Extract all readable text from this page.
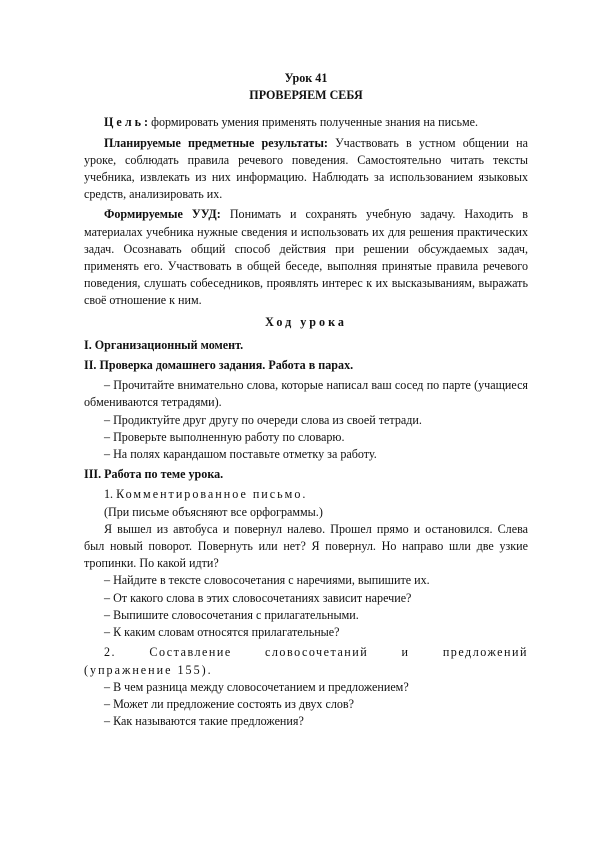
Урок 41

ПРОВЕРЯЕМ СЕБЯ

Ц е л ь : формировать умения применять полученные знания на письме.

Планируемые предметные результаты: Участвовать в устном общении на уроке, соблюдать правила речевого поведения. Самостоятельно читать тексты учебника, извлекать из них информацию. Наблюдать за использованием языковых средств, анализировать их.

Формируемые УУД: Понимать и сохранять учебную задачу. Находить в материалах учебника нужные сведения и использовать их для решения практических задач. Осознавать общий способ действия при решении обсуждаемых задач, применять его. Участвовать в общей беседе, выполняя принятые правила речевого поведения, слушать собеседников, проявлять интерес к их высказываниям, выражать своё отношение к ним.

Ход урока

I. Организационный момент.

II. Проверка домашнего задания. Работа в парах.

– Прочитайте внимательно слова, которые написал ваш сосед по парте (учащиеся обмениваются тетрадями).

– Продиктуйте друг другу по очереди слова из своей тетради.

– Проверьте выполненную работу по словарю.

– На полях карандашом поставьте отметку за работу.

III. Работа по теме урока.

1. Комментированное письмо.

(При письме объясняют все орфограммы.)

Я вышел из автобуса и повернул налево. Прошел прямо и остановился. Слева был новый поворот. Повернуть или нет? Я повернул. Но направо шли две узкие тропинки. По какой идти?

– Найдите в тексте словосочетания с наречиями, выпишите их.

– От какого слова в этих словосочетаниях зависит наречие?

– Выпишите словосочетания с прилагательными.

– К каким словам относятся прилагательные?

2.	Составление	словосочетаний	и	предложений

(упражнение 155).

– В чем разница между словосочетанием и предложением?

– Может ли предложение состоять из двух слов?

– Как называются такие предложения?
